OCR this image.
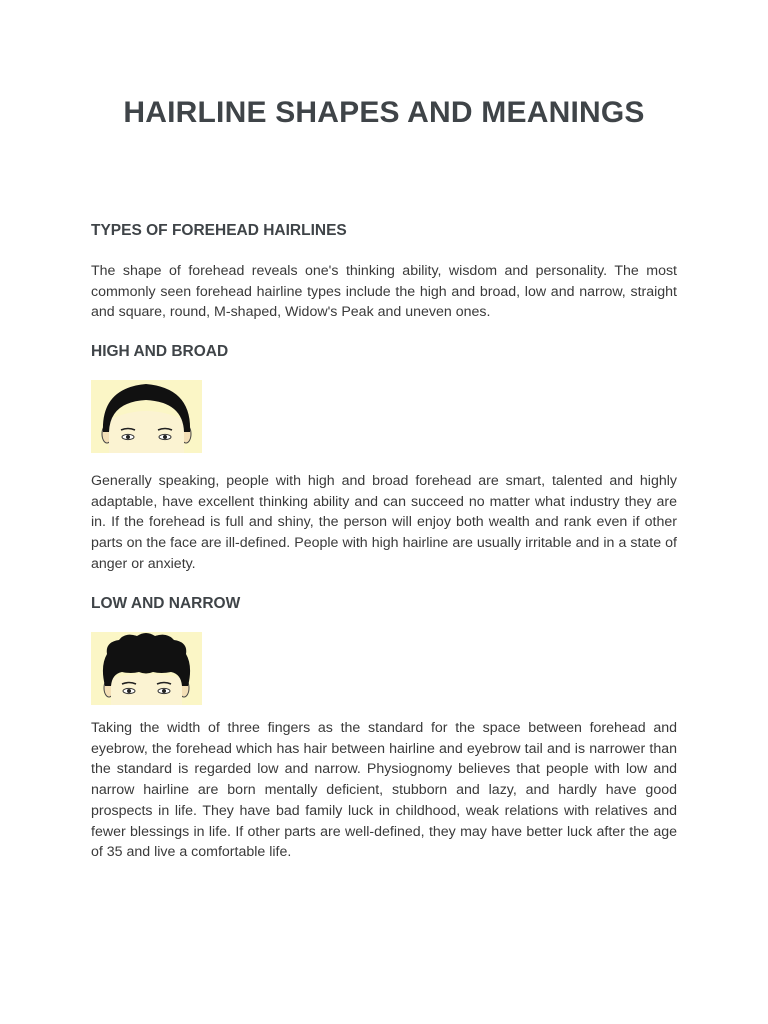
HAIRLINE SHAPES AND MEANINGS
TYPES OF FOREHEAD HAIRLINES

The shape of forehead reveals one's thinking ability, wisdom and personality. The most commonly seen forehead hairline types include the high and broad, low and narrow, straight and square, round, M-shaped, Widow's Peak and uneven ones.

HIGH AND BROAD

Generally speaking, people with high and broad forehead are smart, talented and highly adaptable, have excellent thinking ability and can succeed no matter what industry they are in. If the forehead is full and shiny, the person will enjoy both wealth and rank even if other parts on the face are ill-defined. People with high hairline are usually irritable and in a state of anger or anxiety.

LOW AND NARROW

Taking the width of three fingers as the standard for the space between forehead and eyebrow, the forehead which has hair between hairline and eyebrow tail and is narrower than the standard is regarded low and narrow. Physiognomy believes that people with low and narrow hairline are born mentally deficient, stubborn and lazy, and hardly have good prospects in life. They have bad family luck in childhood, weak relations with relatives and fewer blessings in life. If other parts are well-defined, they may have better luck after the age of 35 and live a comfortable life.
